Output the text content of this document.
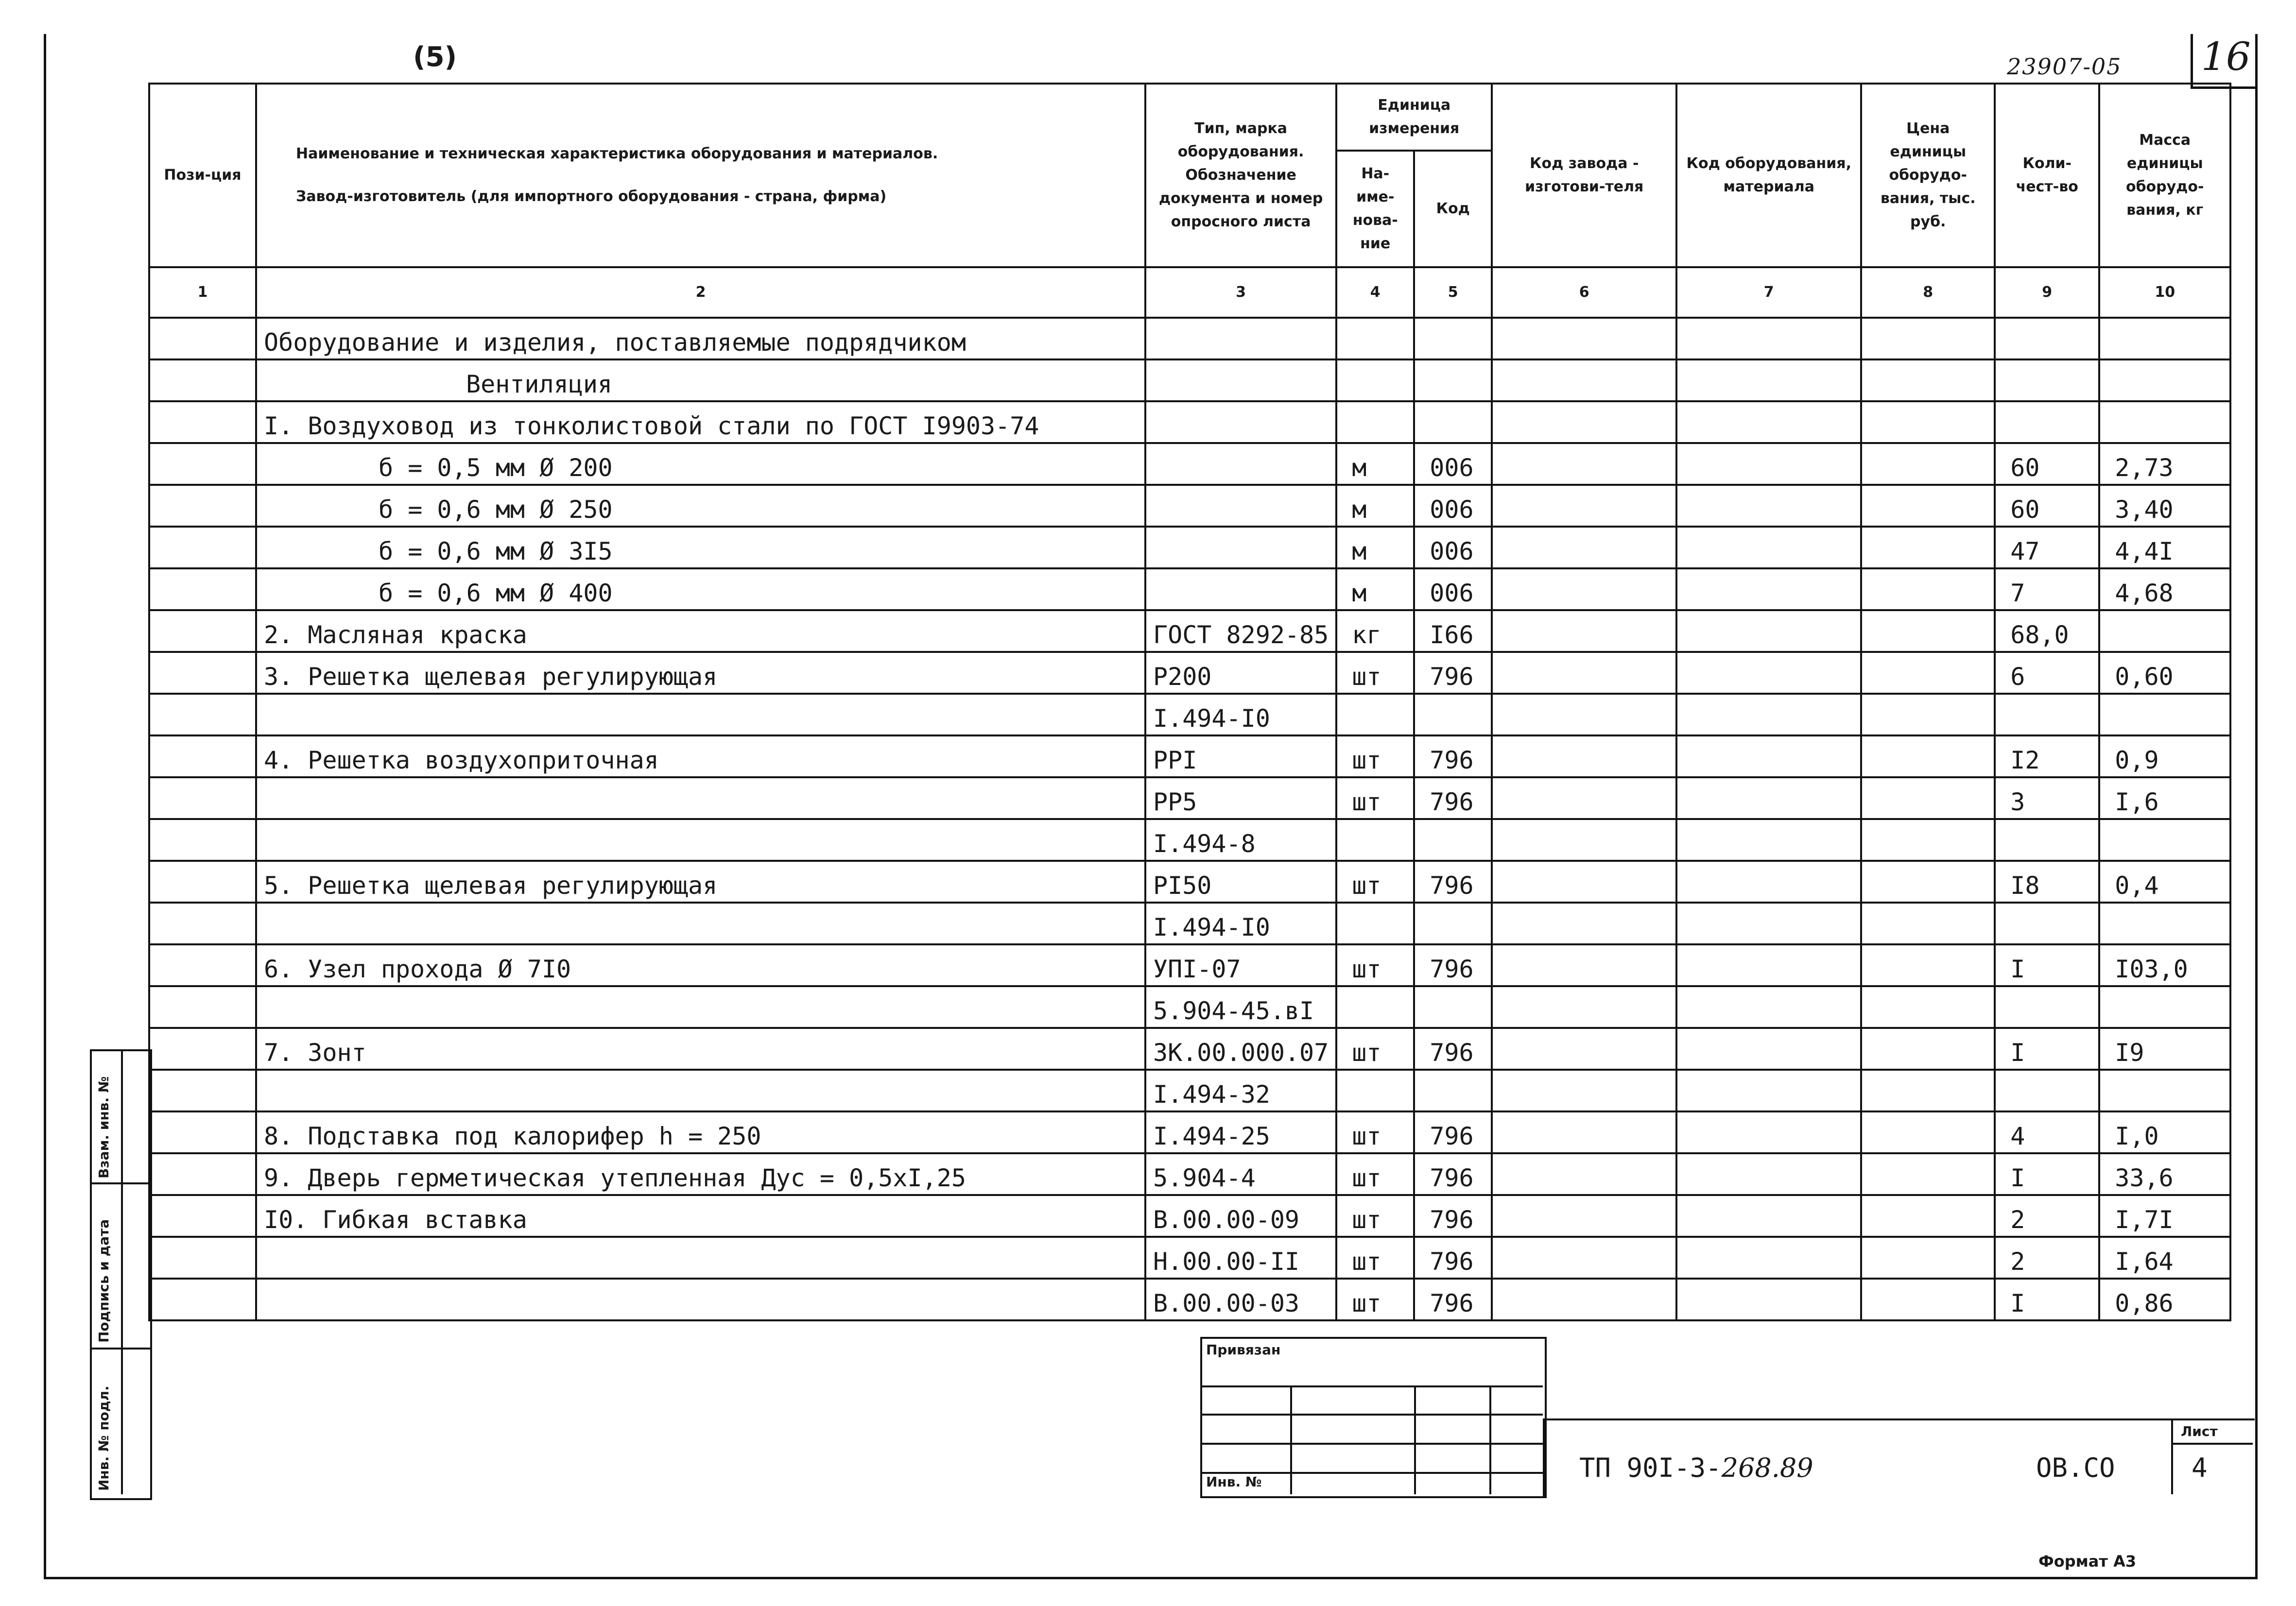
16
23907-05
(5)
Пози-ция	Наименование и техническая характеристика оборудования и материалов.
Завод-изготовитель (для импортного оборудования - страна, фирма)	Тип, марка оборудования. Обозначение документа и номер опросного листа	Единица измерения		Код завода - изготови-теля	Код оборудования, материала	Цена единицы оборудо-вания, тыс. руб.	Коли-чест-во	Масса единицы оборудо-вания, кг
			На-име-нова-ние	Код					
1	2	3	4	5	6	7	8	9	10
	Оборудование и изделия, поставляемые подрядчиком								
	Вентиляция								
	I. Воздуховод из тонколистовой стали по ГОСТ I9903-74								
	б = 0,5 мм Ø 200		м	006				60	2,73
	б = 0,6 мм Ø 250		м	006				60	3,40
	б = 0,6 мм Ø 3I5		м	006				47	4,4I
	б = 0,6 мм Ø 400		м	006				7	4,68
	2. Масляная краска	ГОСТ 8292-85	кг	I66				68,0	
	3. Решетка щелевая регулирующая	Р200	шт	796				6	0,60
		I.494-I0							
	4. Решетка воздухоприточная	PPI	шт	796				I2	0,9
		PP5	шт	796				3	I,6
		I.494-8							
	5. Решетка щелевая регулирующая	PI50	шт	796				I8	0,4
		I.494-I0							
	6. Узел прохода Ø 7I0	УПI-07	шт	796				I	I03,0
		5.904-45.вI							
	7. Зонт	ЗК.00.000.07	шт	796				I	I9
		I.494-32							
	8. Подставка под калорифер h = 250	I.494-25	шт	796				4	I,0
	9. Дверь герметическая утепленная Дус = 0,5хI,25	5.904-4	шт	796				I	33,6
	I0. Гибкая вставка	В.00.00-09	шт	796				2	I,7I
		Н.00.00-II	шт	796				2	I,64
		В.00.00-03	шт	796				I	0,86
Взам. инв. №
Подпись и дата
Инв. № подл.
Привязан
Инв. №	ТП 90I-3-268.89	ОВ.СО
Лист
4
Формат А3
